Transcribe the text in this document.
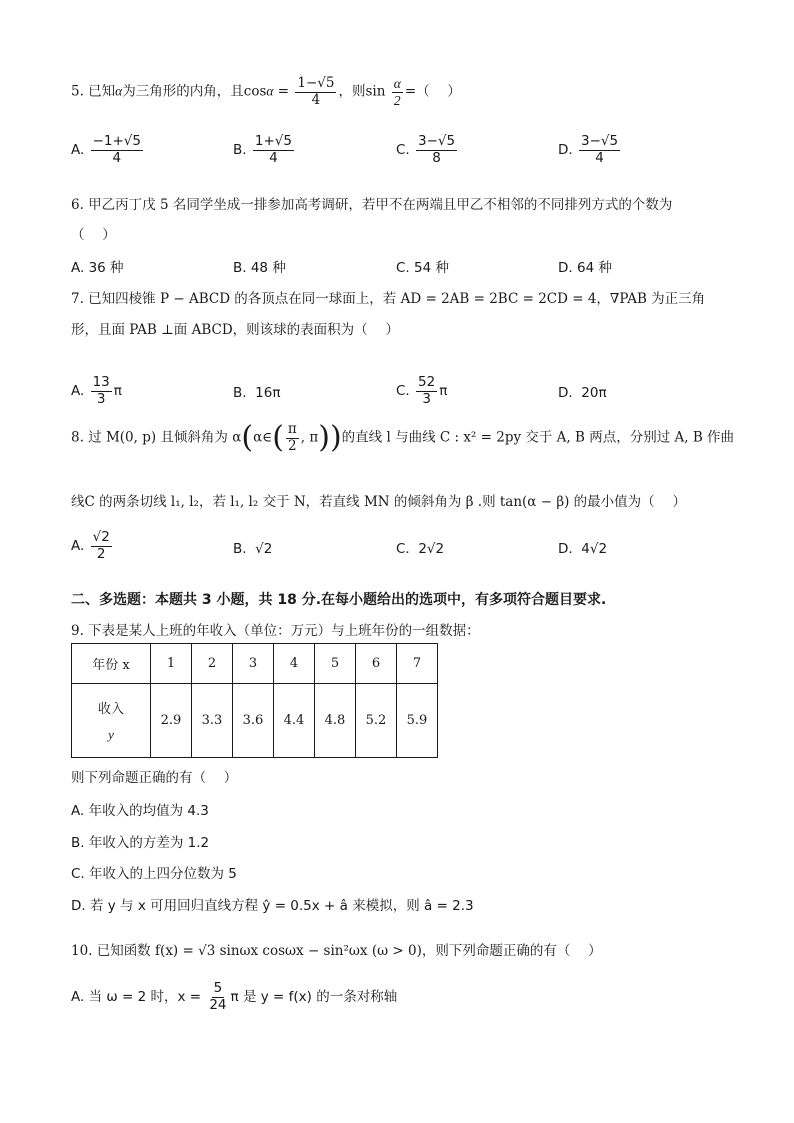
5. 已知α为三角形的内角，且$\cos\alpha = \frac{1-√5}{4}$ ，则$\sin \frac{\alpha}{2}$ =（　 ）
A. $\frac{-1+√5}{4}$	B. $\frac{1+√5}{4}$	C. $\frac{3-√5}{8}$	D. $\frac{3-√5}{4}$
6. 甲乙丙丁戊 5 名同学坐成一排参加高考调研，若甲不在两端且甲乙不相邻的不同排列方式的个数为
（　 ）
A. 36 种	B. 48 种	C. 54 种	D. 64 种
7. 已知四棱锥 P − ABCD 的各顶点在同一球面上，若 AD = 2AB = 2BC = 2CD = 4，∇PAB 为正三角
形，且面 PAB ⊥面 ABCD，则该球的表面积为（　 ）
A. $\frac{13}{3}$ π	B. 16π	C. $\frac{52}{3}$ π	D. 20π
8. 过 M(0, p) 且倾斜角为 α(α∈( $\frac{\pi}{2}$ , π))的直线 l 与曲线 C : x² = 2py 交于 A, B 两点，分别过 A, B 作曲
线C 的两条切线 l₁, l₂，若 l₁, l₂ 交于 N，若直线 MN 的倾斜角为 β .则 tan(α − β) 的最小值为（　 ）
A. $\frac{√2}{2}$	B. √2	C. 2√2	D. 4√2
二、多选题：本题共 3 小题，共 18 分.在每小题给出的选项中，有多项符合题目要求.
9. 下表是某人上班的年收入（单位：万元）与上班年份的一组数据：
年份 x	1	2	3	4	5	6	7

收入
y	2.9	3.3	3.6	4.4	4.8	5.2	5.9
则下列命题正确的有（　 ）
A. 年收入的均值为 4.3
B. 年收入的方差为 1.2
C. 年收入的上四分位数为 5
D. 若 y 与 x 可用回归直线方程 ŷ = 0.5x + â 来模拟，则 â = 2.3
10. 已知函数 f(x) = √3 sinωx cosωx − sin²ωx (ω > 0)，则下列命题正确的有（　 ）
A. 当 ω = 2 时，$x = \frac{5}{24}$ π 是 y = f(x) 的一条对称轴
